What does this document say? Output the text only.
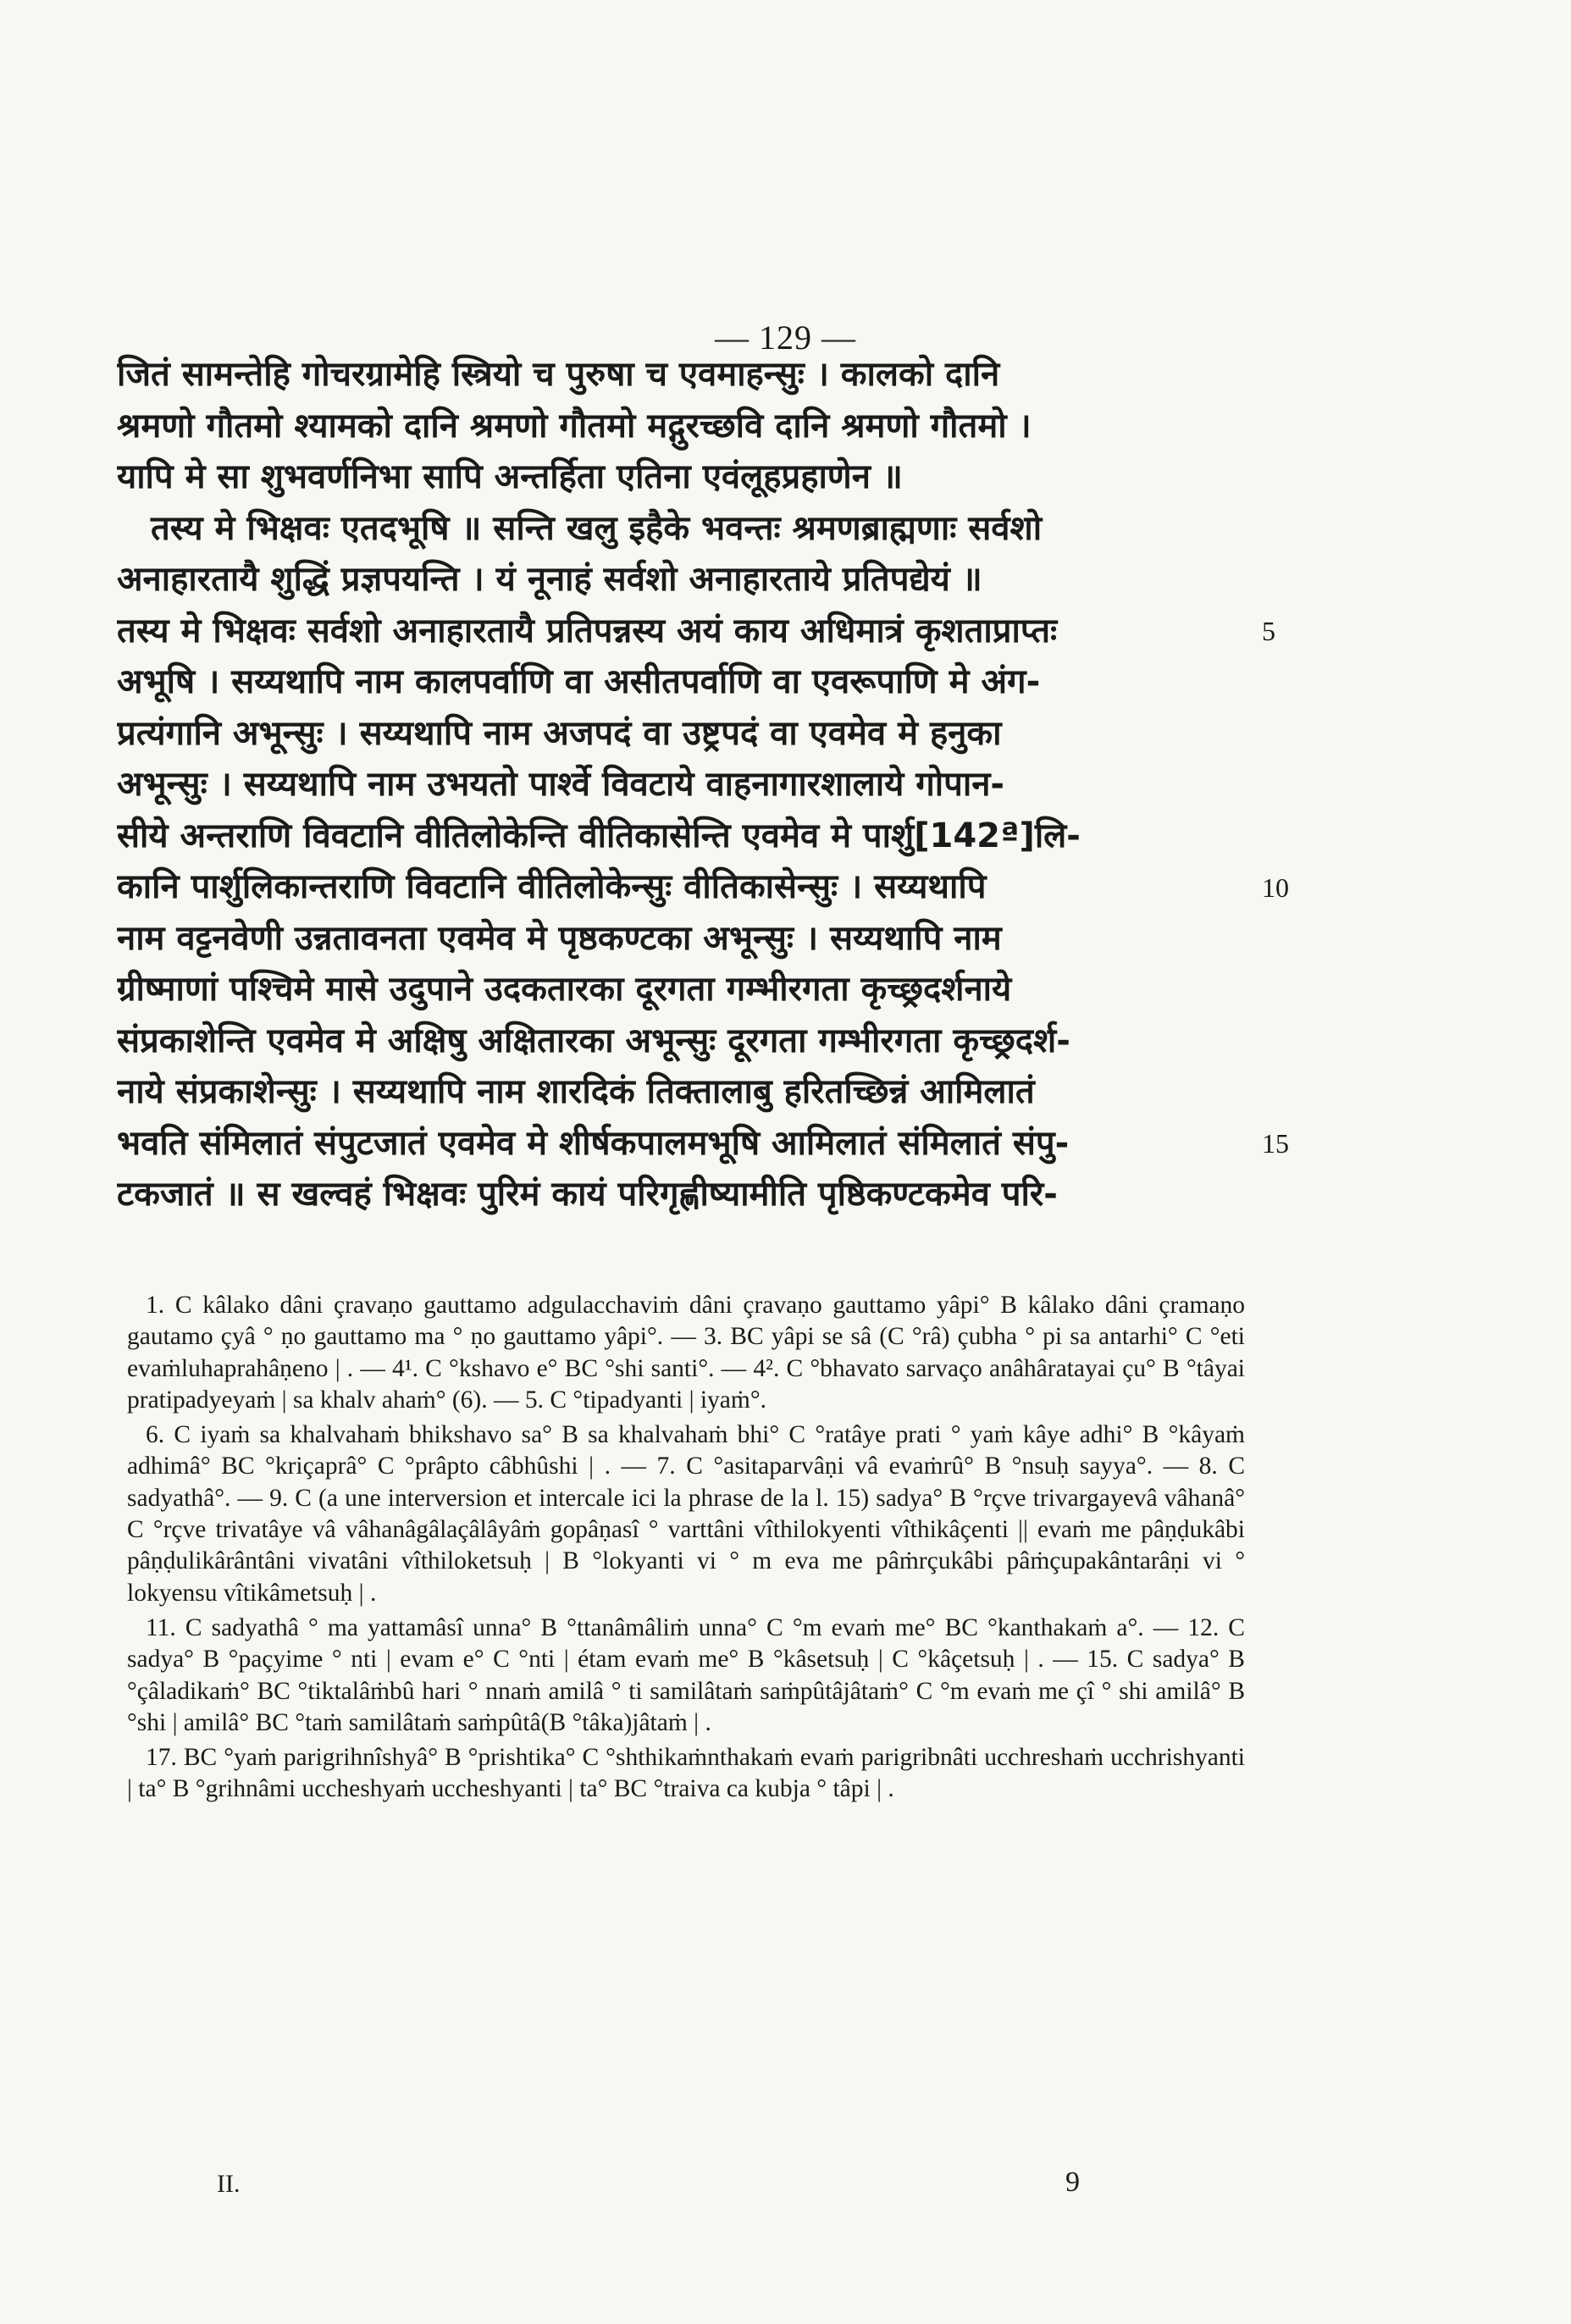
— 129 —
जितं सामन्तेहि गोचरग्रामेहि स्त्रियो च पुरुषा च एवमाहन्सुः । कालको दानि
श्रमणो गौतमो श्यामको दानि श्रमणो गौतमो मद्गुरच्छवि दानि श्रमणो गौतमो ।
यापि मे सा शुभवर्णनिभा सापि अन्तर्हिता एतिना एवंलूहप्रहाणेन ॥
तस्य मे भिक्षवः एतदभूषि ॥ सन्ति खलु इहैके भवन्तः श्रमणब्राह्मणाः सर्वशो
अनाहारतायै शुद्धिं प्रज्ञपयन्ति । यं नूनाहं सर्वशो अनाहारताये प्रतिपद्येयं ॥
तस्य मे भिक्षवः सर्वशो अनाहारतायै प्रतिपन्नस्य अयं काय अधिमात्रं कृशताप्राप्तः
अभूषि । सय्यथापि नाम कालपर्वाणि वा असीतपर्वाणि वा एवरूपाणि मे अंग-
प्रत्यंगानि अभून्सुः । सय्यथापि नाम अजपदं वा उष्ट्रपदं वा एवमेव मे हनुका
अभून्सुः । सय्यथापि नाम उभयतो पार्श्वे विवटाये वाहनागारशालाये गोपान-
सीये अन्तराणि विवटानि वीतिलोकेन्ति वीतिकासेन्ति एवमेव मे पार्शु[142ª]लि-
कानि पार्शुलिकान्तराणि विवटानि वीतिलोकेन्सुः वीतिकासेन्सुः । सय्यथापि
नाम वट्टनवेणी उन्नतावनता एवमेव मे पृष्ठकण्टका अभून्सुः । सय्यथापि नाम
ग्रीष्माणां पश्चिमे मासे उदुपाने उदकतारका दूरगता गम्भीरगता कृच्छ्रदर्शनाये
संप्रकाशेन्ति एवमेव मे अक्षिषु अक्षितारका अभून्सुः दूरगता गम्भीरगता कृच्छ्रदर्श-
नाये संप्रकाशेन्सुः । सय्यथापि नाम शारदिकं तिक्तालाबु हरितच्छिन्नं आमिलातं
भवति संमिलातं संपुटजातं एवमेव मे शीर्षकपालमभूषि आमिलातं संमिलातं संपु-
टकजातं ॥ स खल्वहं भिक्षवः पुरिमं कायं परिगृह्णीष्यामीति पृष्ठिकण्टकमेव परि-
5
10
15

1. C kâlako dâni çravaṇo gauttamo adgulacchaviṁ dâni çravaṇo gauttamo yâpi° B kâlako dâni çramaṇo gautamo çyâ ° ṇo gauttamo ma ° ṇo gauttamo yâpi°. — 3. BC yâpi se sâ (C °râ) çubha ° pi sa antarhi° C °eti evaṁluhaprahâṇeno | . — 4¹. C °kshavo e° BC °shi santi°. — 4². C °bhavato sarvaço anâhâratayai çu° B °tâyai pratipadyeyaṁ | sa khalv ahaṁ° (6). — 5. C °tipadyanti | iyaṁ°.

6. C iyaṁ sa khalvahaṁ bhikshavo sa° B sa khalvahaṁ bhi° C °ratâye prati ° yaṁ kâye adhi° B °kâyaṁ adhimâ° BC °kriçaprâ° C °prâpto câbhûshi | . — 7. C °asitaparvâṇi vâ evaṁrû° B °nsuḥ sayya°. — 8. C sadyathâ°. — 9. C (a une interversion et intercale ici la phrase de la l. 15) sadya° B °rçve trivargayevâ vâhanâ° C °rçve trivatâye vâ vâhanâgâlaçâlâyâṁ gopâṇasî ° varttâni vîthilokyenti vîthikâçenti || evaṁ me pâṇḍukâbi pâṇḍulikârântâni vivatâni vîthiloketsuḥ | B °lokyanti vi ° m eva me pâṁrçukâbi pâṁçupakântarâṇi vi ° lokyensu vîtikâmetsuḥ | .

11. C sadyathâ ° ma yattamâsî unna° B °ttanâmâliṁ unna° C °m evaṁ me° BC °kanthakaṁ a°. — 12. C sadya° B °paçyime ° nti | evam e° C °nti | étam evaṁ me° B °kâsetsuḥ | C °kâçetsuḥ | . — 15. C sadya° B °çâladikaṁ° BC °tiktalâṁbû hari ° nnaṁ amilâ ° ti samilâtaṁ saṁpûtâjâtaṁ° C °m evaṁ me çî ° shi amilâ° B °shi | amilâ° BC °taṁ samilâtaṁ saṁpûtâ(B °tâka)jâtaṁ | .

17. BC °yaṁ parigrihnîshyâ° B °prishtika° C °shthikaṁnthakaṁ evaṁ parigribnâti ucchreshaṁ ucchrishyanti | ta° B °grihnâmi uccheshyaṁ uccheshyanti | ta° BC °traiva ca kubja ° tâpi | .

II.	9
